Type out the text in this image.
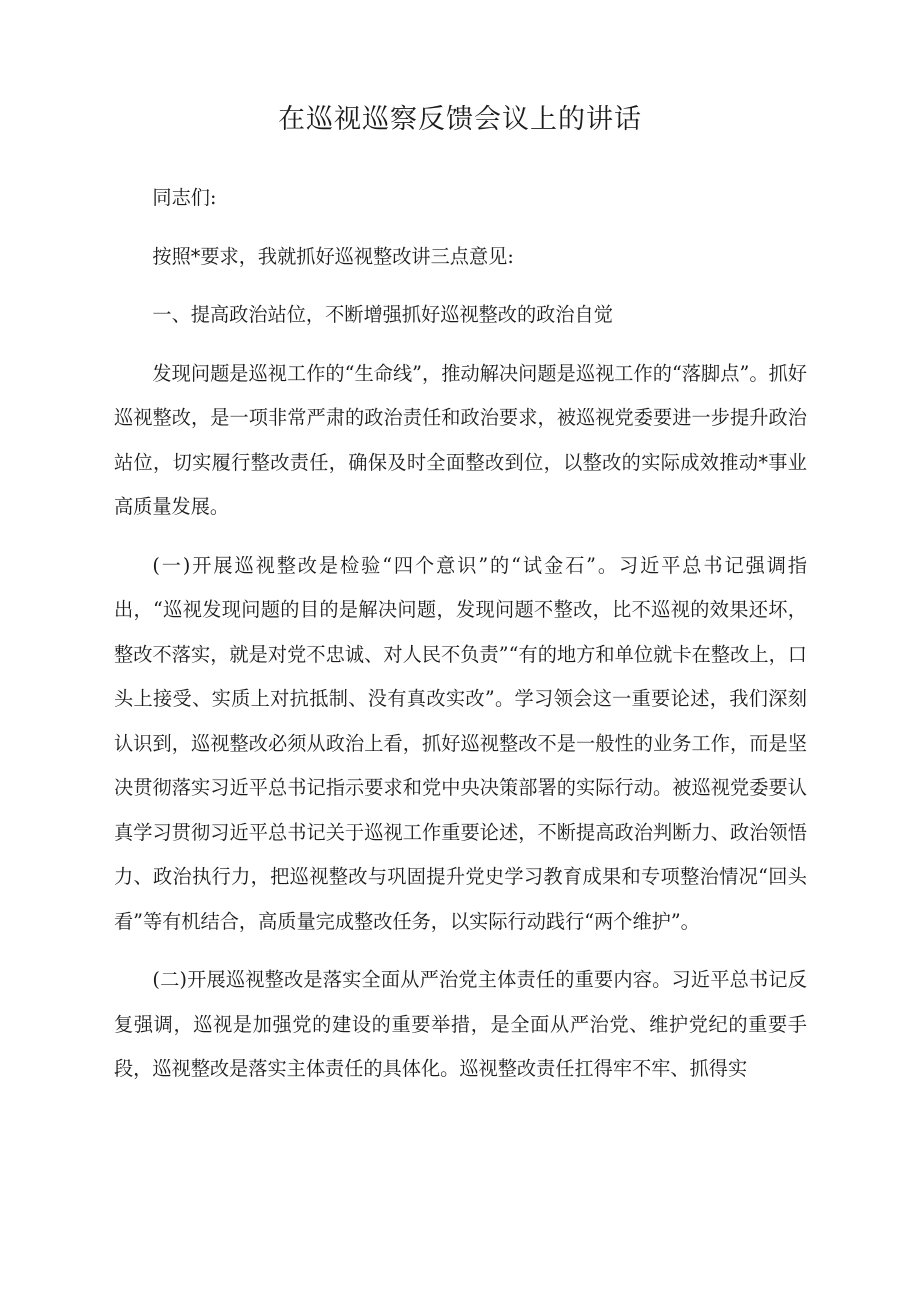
在巡视巡察反馈会议上的讲话

同志们:

按照*要求，我就抓好巡视整改讲三点意见:

一、提高政治站位，不断增强抓好巡视整改的政治自觉

发现问题是巡视工作的“生命线”，推动解决问题是巡视工作的“落脚点”。抓好巡视整改，是一项非常严肃的政治责任和政治要求，被巡视党委要进一步提升政治站位，切实履行整改责任，确保及时全面整改到位，以整改的实际成效推动*事业高质量发展。

(一)开展巡视整改是检验“四个意识”的“试金石”。习近平总书记强调指出，“巡视发现问题的目的是解决问题，发现问题不整改，比不巡视的效果还坏，整改不落实，就是对党不忠诚、对人民不负责”“有的地方和单位就卡在整改上，口头上接受、实质上对抗抵制、没有真改实改”。学习领会这一重要论述，我们深刻认识到，巡视整改必须从政治上看，抓好巡视整改不是一般性的业务工作，而是坚决贯彻落实习近平总书记指示要求和党中央决策部署的实际行动。被巡视党委要认真学习贯彻习近平总书记关于巡视工作重要论述，不断提高政治判断力、政治领悟力、政治执行力，把巡视整改与巩固提升党史学习教育成果和专项整治情况“回头看”等有机结合，高质量完成整改任务，以实际行动践行“两个维护”。

(二)开展巡视整改是落实全面从严治党主体责任的重要内容。习近平总书记反复强调，巡视是加强党的建设的重要举措，是全面从严治党、维护党纪的重要手段，巡视整改是落实主体责任的具体化。巡视整改责任扛得牢不牢、抓得实
